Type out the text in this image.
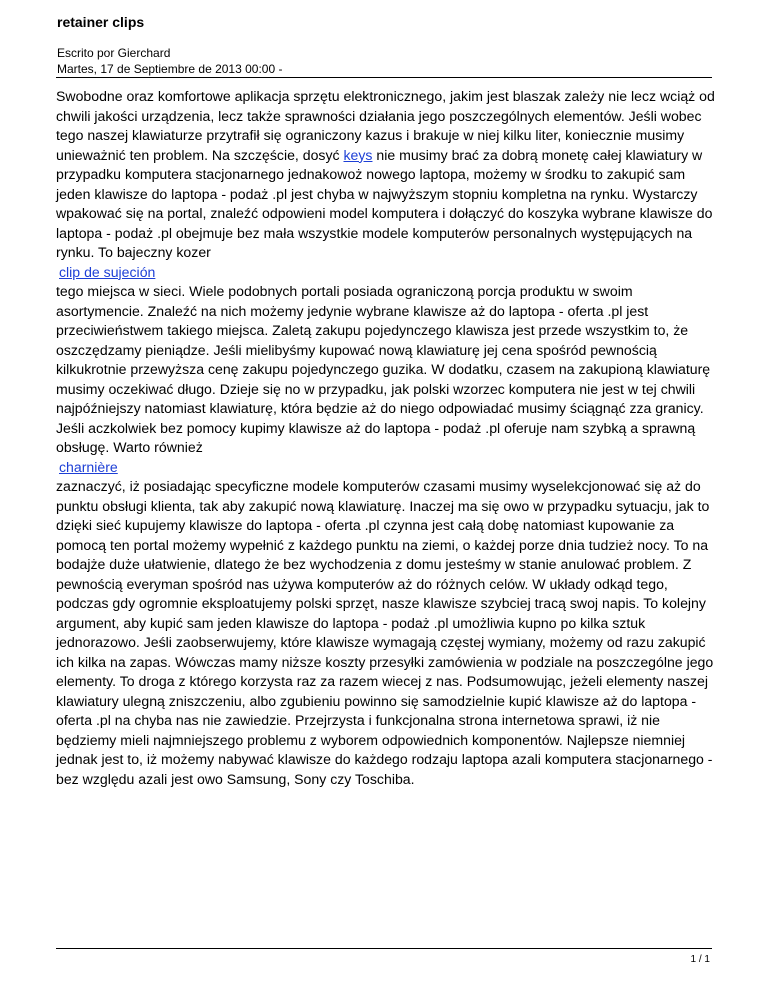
retainer clips
Escrito por Gierchard
Martes, 17 de Septiembre de 2013 00:00 -
Swobodne oraz komfortowe aplikacja sprzętu elektronicznego, jakim jest blaszak zależy nie lecz wciąż od chwili jakości urządzenia, lecz także sprawności działania jego poszczególnych elementów. Jeśli wobec tego naszej klawiaturze przytrafił się ograniczony kazus i brakuje w niej kilku liter, koniecznie musimy unieważnić ten problem. Na szczęście, dosyć keys nie musimy brać za dobrą monetę całej klawiatury w przypadku komputera stacjonarnego jednakowoż nowego laptopa, możemy w środku to zakupić sam jeden klawisze do laptopa - podaż .pl jest chyba w najwyższym stopniu kompletna na rynku. Wystarczy wpakować się na portal, znaleźć odpowieni model komputera i dołączyć do koszyka wybrane klawisze do laptopa - podaż .pl obejmuje bez mała wszystkie modele komputerów personalnych występujących na rynku. To bajeczny kozer
clip de sujeción
tego miejsca w sieci. Wiele podobnych portali posiada ograniczoną porcja produktu w swoim asortymencie. Znaleźć na nich możemy jedynie wybrane klawisze aż do laptopa - oferta .pl jest przeciwieństwem takiego miejsca. Zaletą zakupu pojedynczego klawisza jest przede wszystkim to, że oszczędzamy pieniądze. Jeśli mielibyśmy kupować nową klawiaturę jej cena spośród pewnością kilkukrotnie przewyższa cenę zakupu pojedynczego guzika. W dodatku, czasem na zakupioną klawiaturę musimy oczekiwać długo. Dzieje się no w przypadku, jak polski wzorzec komputera nie jest w tej chwili najpóźniejszy natomiast klawiaturę, która będzie aż do niego odpowiadać musimy ściągnąć zza granicy. Jeśli aczkolwiek bez pomocy kupimy klawisze aż do laptopa - podaż .pl oferuje nam szybką a sprawną obsługę. Warto również
charnière
zaznaczyć, iż posiadając specyficzne modele komputerów czasami musimy wyselekcjonować się aż do punktu obsługi klienta, tak aby zakupić nową klawiaturę. Inaczej ma się owo w przypadku sytuacju, jak to dzięki sieć kupujemy klawisze do laptopa - oferta .pl czynna jest całą dobę natomiast kupowanie za pomocą ten portal możemy wypełnić z każdego punktu na ziemi, o każdej porze dnia tudzież nocy. To na bodajże duże ułatwienie, dlatego że bez wychodzenia z domu jesteśmy w stanie anulować problem. Z pewnością everyman spośród nas używa komputerów aż do różnych celów. W układy odkąd tego, podczas gdy ogromnie eksploatujemy polski sprzęt, nasze klawisze szybciej tracą swoj napis. To kolejny argument, aby kupić sam jeden klawisze do laptopa - podaż .pl umożliwia kupno po kilka sztuk jednorazowo. Jeśli zaobserwujemy, które klawisze wymagają częstej wymiany, możemy od razu zakupić ich kilka na zapas. Wówczas mamy niższe koszty przesyłki zamówienia w podziale na poszczególne jego elementy. To droga z którego korzysta raz za razem wiecej z nas. Podsumowując, jeżeli elementy naszej klawiatury ulegną zniszczeniu, albo zgubieniu powinno się samodzielnie kupić klawisze aż do laptopa - oferta .pl na chyba nas nie zawiedzie. Przejrzysta i funkcjonalna strona internetowa sprawi, iż nie będziemy mieli najmniejszego problemu z wyborem odpowiednich komponentów. Najlepsze niemniej jednak jest to, iż możemy nabywać klawisze do każdego rodzaju laptopa azali komputera stacjonarnego - bez względu azali jest owo Samsung, Sony czy Toschiba.
1 / 1
